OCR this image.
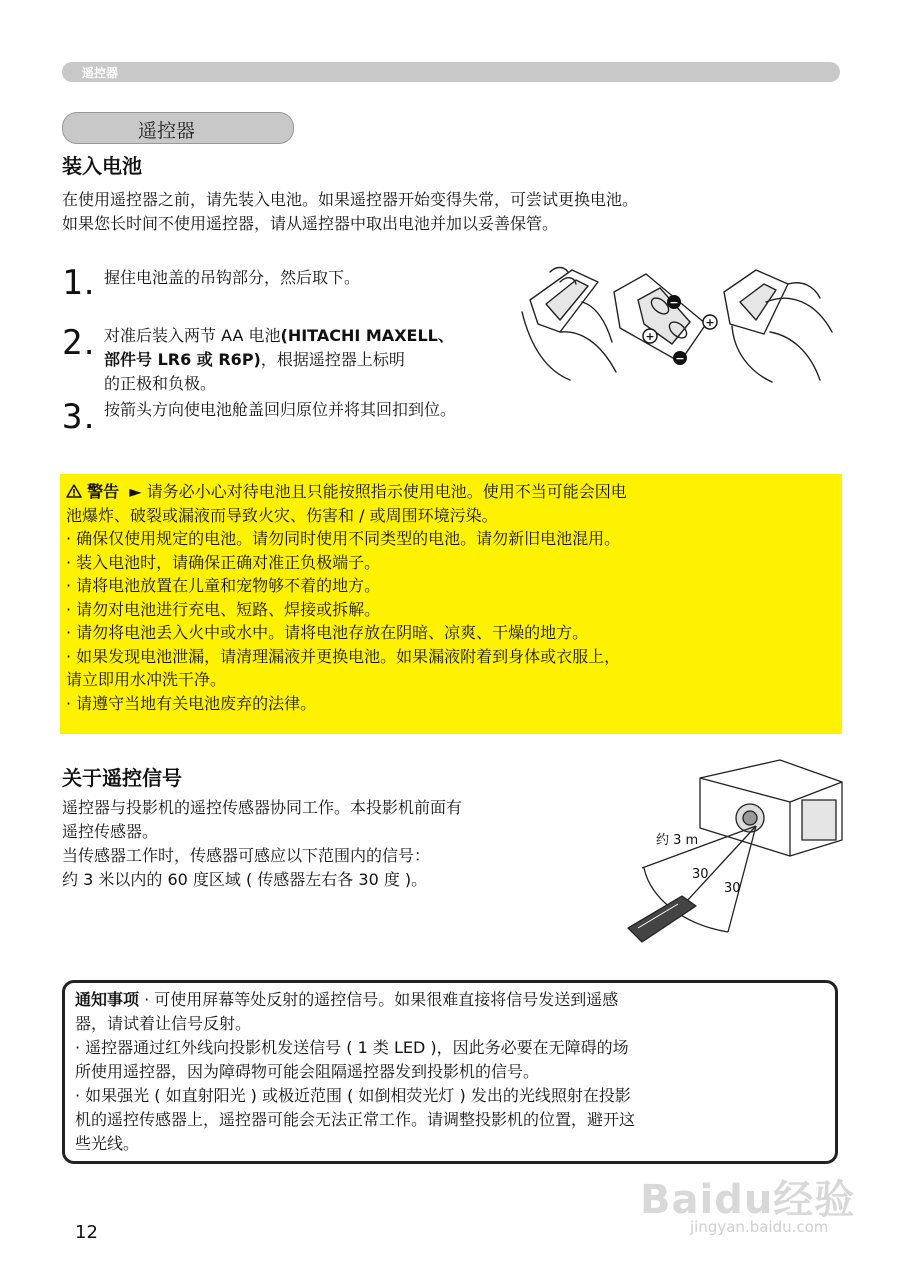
遥控器
遥控器
装入电池
在使用遥控器之前，请先装入电池。如果遥控器开始变得失常，可尝试更换电池。
如果您长时间不使用遥控器，请从遥控器中取出电池并加以妥善保管。
1. 握住电池盖的吊钩部分，然后取下。
2. 对准后装入两节 AA 电池(HITACHI MAXELL、
部件号 LR6 或 R6P)，根据遥控器上标明
的正极和负极。
3. 按箭头方向使电池舱盖回归原位并将其回扣到位。
−
+
+
−
警告 ► 请务必小心对待电池且只能按照指示使用电池。使用不当可能会因电
池爆炸、破裂或漏液而导致火灾、伤害和 / 或周围环境污染。
· 确保仅使用规定的电池。请勿同时使用不同类型的电池。请勿新旧电池混用。
· 装入电池时，请确保正确对准正负极端子。
· 请将电池放置在儿童和宠物够不着的地方。
· 请勿对电池进行充电、短路、焊接或拆解。
· 请勿将电池丢入火中或水中。请将电池存放在阴暗、凉爽、干燥的地方。
· 如果发现电池泄漏，请清理漏液并更换电池。如果漏液附着到身体或衣服上，
请立即用水冲洗干净。
· 请遵守当地有关电池废弃的法律。
关于遥控信号
遥控器与投影机的遥控传感器协同工作。本投影机前面有
遥控传感器。
当传感器工作时，传感器可感应以下范围内的信号：
约 3 米以内的 60 度区域 ( 传感器左右各 30 度 )。
约 3 m
30
30
通知事项 · 可使用屏幕等处反射的遥控信号。如果很难直接将信号发送到遥感
器，请试着让信号反射。
· 遥控器通过红外线向投影机发送信号 ( 1 类 LED )，因此务必要在无障碍的场
所使用遥控器，因为障碍物可能会阻隔遥控器发到投影机的信号。
· 如果强光 ( 如直射阳光 ) 或极近范围 ( 如倒相荧光灯 ) 发出的光线照射在投影
机的遥控传感器上，遥控器可能会无法正常工作。请调整投影机的位置，避开这
些光线。
12
Baidu经验
jingyan.baidu.com
